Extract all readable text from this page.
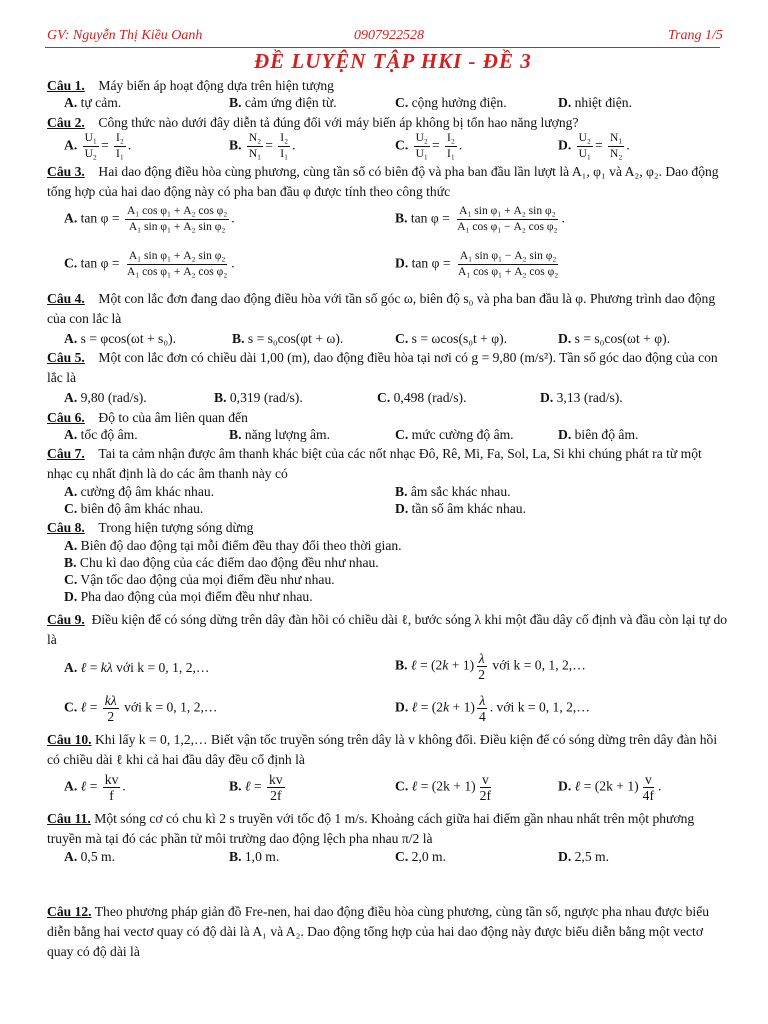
GV: Nguyễn Thị Kiều Oanh	0907922528	Trang 1/5
ĐỀ LUYỆN TẬP HKI - ĐỀ 3
Câu 1. Máy biến áp hoạt động dựa trên hiện tượng
A. tự cảm.	B. cảm ứng điện từ.	C. cộng hưởng điện.	D. nhiệt điện.
Câu 2. Công thức nào dưới đây diễn tả đúng đối với máy biến áp không bị tổn hao năng lượng?
A. $\frac{\text{U₁}}{\text{U₂}} = \frac{\text{I₂}}{\text{I₁}}$ .	B. $\frac{\text{N₂}}{\text{N₁}} = \frac{\text{I₂}}{\text{I₁}}$ .	C. $\frac{\text{U₂}}{\text{U₁}} = \frac{\text{I₂}}{\text{I₁}}$ .	D. $\frac{\text{U₂}}{\text{U₁}} = \frac{\text{N₁}}{\text{N₂}}$ .
Câu 3. Hai dao động điều hòa cùng phương, cùng tần số có biên độ và pha ban đầu lần lượt là A₁, φ₁ và A₂, φ₂. Dao động tổng hợp của hai dao động này có pha ban đầu φ được tính theo công thức
A. $\tan \varphi = \frac{\text{A₁ cos φ₁ + A₂ cos φ₂}}{\text{A₁ sin φ₁ + A₂ sin φ₂}}$ .	B. $\tan \varphi = \frac{\text{A₁ sin φ₁ + A₂ sin φ₂}}{\text{A₁ cos φ₁ − A₂ cos φ₂}}$ .
C. $\tan \varphi = \frac{\text{A₁ sin φ₁ + A₂ sin φ₂}}{\text{A₁ cos φ₁ + A₂ cos φ₂}}$ .	D. $\tan \varphi = \frac{\text{A₁ sin φ₁ − A₂ sin φ₂}}{\text{A₁ cos φ₁ + A₂ cos φ₂}}$
Câu 4. Một con lắc đơn đang dao động điều hòa với tần số góc ω, biên độ s₀ và pha ban đầu là φ. Phương trình dao động của con lắc là
A. s = φcos(ωt + s₀).	B. s = s₀cos(φt + ω).	C. s = ωcos(s₀t + φ).	D. s = s₀cos(ωt + φ).
Câu 5. Một con lắc đơn có chiều dài 1,00 (m), dao động điều hòa tại nơi có g = 9,80 (m/s²). Tần số góc dao động của con lắc là
A. 9,80 (rad/s).	B. 0,319 (rad/s).	C. 0,498 (rad/s).	D. 3,13 (rad/s).
Câu 6. Độ to của âm liên quan đến
A. tốc độ âm.	B. năng lượng âm.	C. mức cường độ âm.	D. biên độ âm.
Câu 7. Tai ta cảm nhận được âm thanh khác biệt của các nốt nhạc Đô, Rê, Mi, Fa, Sol, La, Si khi chúng phát ra từ một nhạc cụ nhất định là do các âm thanh này có
A. cường độ âm khác nhau.	B. âm sắc khác nhau.
C. biên độ âm khác nhau.	D. tần số âm khác nhau.
Câu 8. Trong hiện tượng sóng dừng
A. Biên độ dao động tại mỗi điểm đều thay đổi theo thời gian.
B. Chu kì dao động của các điểm dao động đều như nhau.
C. Vận tốc dao động của mọi điểm đều như nhau.
D. Pha dao động của mọi điểm đều như nhau.
Câu 9. Điều kiện để có sóng dừng trên dây đàn hồi có chiều dài ℓ, bước sóng λ khi một đầu dây cố định và đầu còn lại tự do là
A. ℓ = kλ với k = 0, 1, 2,…	B. ℓ = $(2k + 1) \frac{\lambda}{2}$ với k = 0, 1, 2,…
C. ℓ = $\frac{k\lambda}{2}$ với k = 0, 1, 2,…	D. ℓ = $(2k + 1) \frac{\lambda}{4}$ . với k = 0, 1, 2,…
Câu 10. Khi lấy k = 0, 1,2,… Biết vận tốc truyền sóng trên dây là v không đổi. Điều kiện để có sóng dừng trên dây đàn hồi có chiều dài ℓ khi cả hai đầu dây đều cố định là
A. ℓ = $\frac{kv}{f}$ .	B. ℓ = $\frac{kv}{2f}$	C. ℓ = $(2k + 1) \frac{v}{2f}$	D. ℓ = $(2k + 1) \frac{v}{4f}$ .
Câu 11. Một sóng cơ có chu kì 2 s truyền với tốc độ 1 m/s. Khoảng cách giữa hai điểm gần nhau nhất trên một phương truyền mà tại đó các phần tử môi trường dao động lệch pha nhau π/2 là
A. 0,5 m.	B. 1,0 m.	C. 2,0 m.	D. 2,5 m.
Câu 12. Theo phương pháp giản đồ Fre-nen, hai dao động điều hòa cùng phương, cùng tần số, ngược pha nhau được biểu diễn bằng hai vectơ quay có độ dài là A₁ và A₂. Dao động tổng hợp của hai dao động này được biểu diễn bằng một vectơ quay có độ dài là
